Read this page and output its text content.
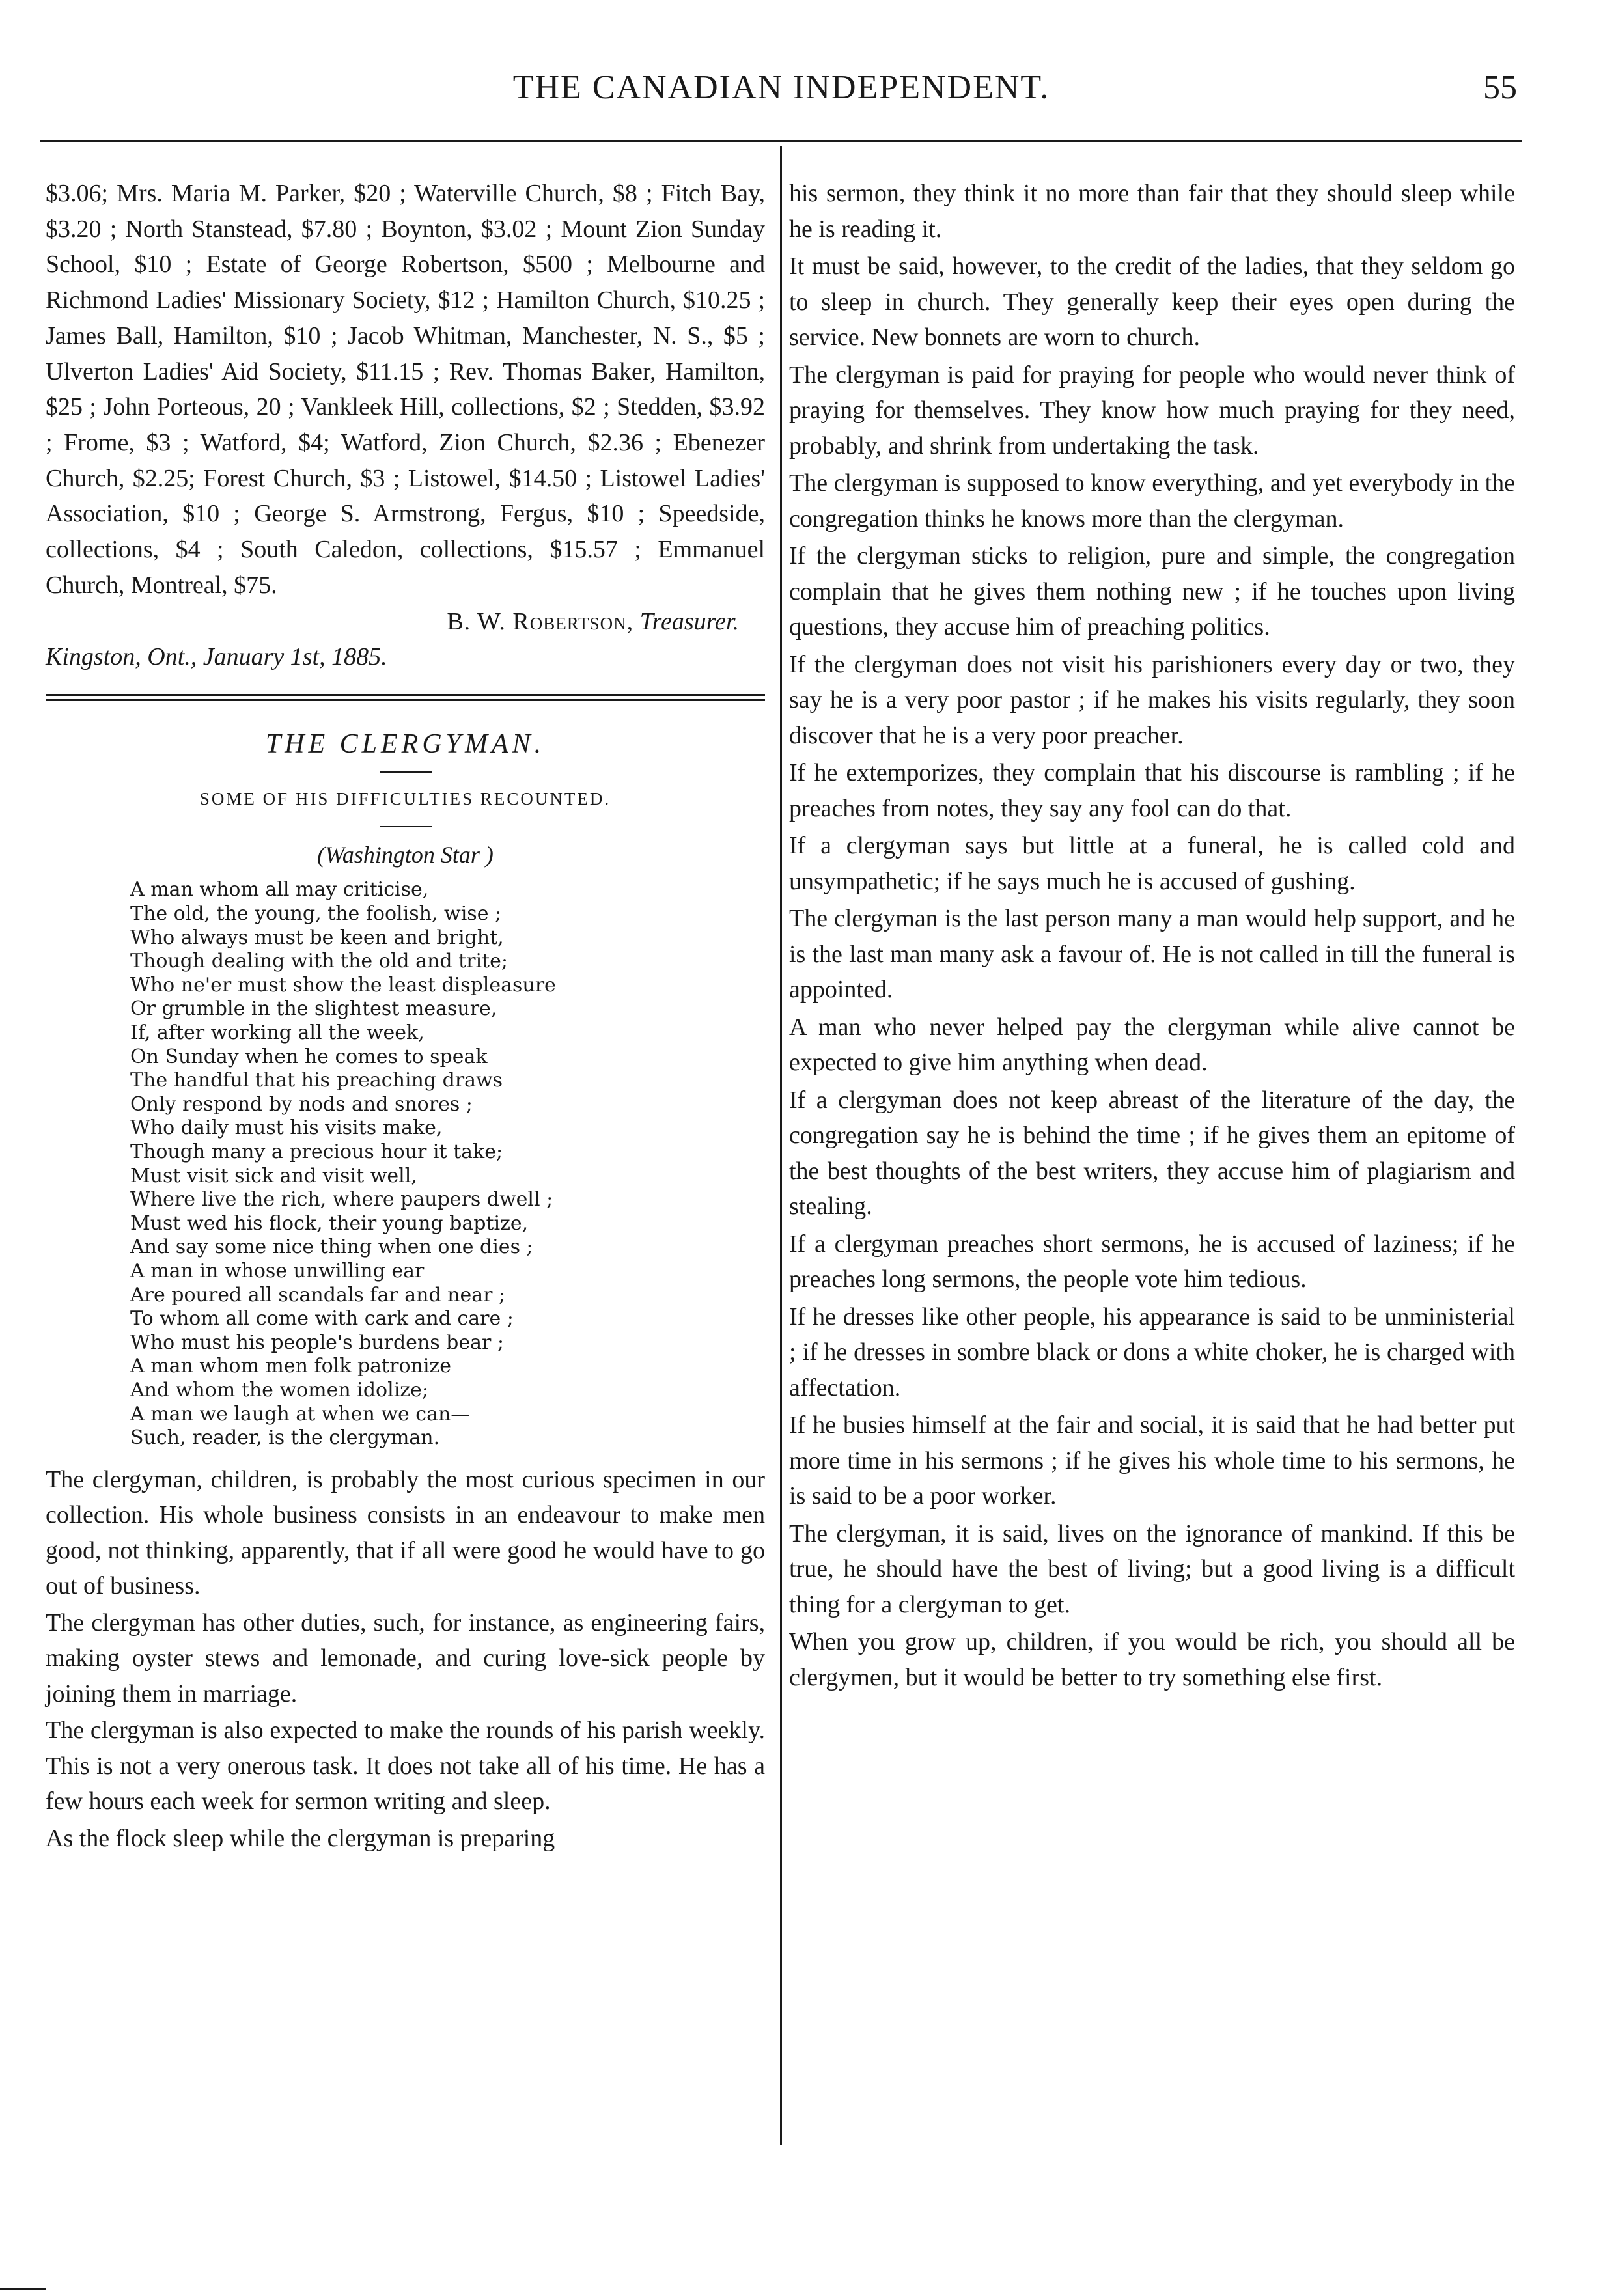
THE CANADIAN INDEPENDENT.	55
$3.06; Mrs. Maria M. Parker, $20 ; Waterville Church, $8 ; Fitch Bay, $3.20 ; North Stanstead, $7.80 ; Boynton, $3.02 ; Mount Zion Sunday School, $10 ; Estate of George Robertson, $500 ; Melbourne and Richmond Ladies' Missionary Society, $12 ; Hamilton Church, $10.25 ; James Ball, Hamilton, $10 ; Jacob Whitman, Manchester, N. S., $5 ; Ulverton Ladies' Aid Society, $11.15 ; Rev. Thomas Baker, Hamilton, $25 ; John Porteous, 20 ; Vankleek Hill, collections, $2 ; Stedden, $3.92 ; Frome, $3 ; Watford, $4; Watford, Zion Church, $2.36 ; Ebenezer Church, $2.25; Forest Church, $3 ; Listowel, $14.50 ; Listowel Ladies' Association, $10 ; George S. Armstrong, Fergus, $10 ; Speedside, collections, $4 ; South Caledon, collections, $15.57 ; Emmanuel Church, Montreal, $75.
B. W. Robertson, Treasurer.
Kingston, Ont., January 1st, 1885.
THE CLERGYMAN.
SOME OF HIS DIFFICULTIES RECOUNTED.
(Washington Star )
A man whom all may criticise,
The old, the young, the foolish, wise ;
Who always must be keen and bright,
Though dealing with the old and trite;
Who ne'er must show the least displeasure
Or grumble in the slightest measure,
If, after working all the week,
On Sunday when he comes to speak
The handful that his preaching draws
Only respond by nods and snores ;
Who daily must his visits make,
Though many a precious hour it take;
Must visit sick and visit well,
Where live the rich, where paupers dwell ;
Must wed his flock, their young baptize,
And say some nice thing when one dies ;
A man in whose unwilling ear
Are poured all scandals far and near ;
To whom all come with cark and care ;
Who must his people's burdens bear ;
A man whom men folk patronize
And whom the women idolize;
A man we laugh at when we can—
Such, reader, is the clergyman.

The clergyman, children, is probably the most curious specimen in our collection. His whole business consists in an endeavour to make men good, not thinking, apparently, that if all were good he would have to go out of business.

The clergyman has other duties, such, for instance, as engineering fairs, making oyster stews and lemonade, and curing love-sick people by joining them in marriage.

The clergyman is also expected to make the rounds of his parish weekly. This is not a very onerous task. It does not take all of his time. He has a few hours each week for sermon writing and sleep.

As the flock sleep while the clergyman is preparing

his sermon, they think it no more than fair that they should sleep while he is reading it.

It must be said, however, to the credit of the ladies, that they seldom go to sleep in church. They generally keep their eyes open during the service. New bonnets are worn to church.

The clergyman is paid for praying for people who would never think of praying for themselves. They know how much praying for they need, probably, and shrink from undertaking the task.

The clergyman is supposed to know everything, and yet everybody in the congregation thinks he knows more than the clergyman.

If the clergyman sticks to religion, pure and simple, the congregation complain that he gives them nothing new ; if he touches upon living questions, they accuse him of preaching politics.

If the clergyman does not visit his parishioners every day or two, they say he is a very poor pastor ; if he makes his visits regularly, they soon discover that he is a very poor preacher.

If he extemporizes, they complain that his discourse is rambling ; if he preaches from notes, they say any fool can do that.

If a clergyman says but little at a funeral, he is called cold and unsympathetic; if he says much he is accused of gushing.

The clergyman is the last person many a man would help support, and he is the last man many ask a favour of. He is not called in till the funeral is appointed.

A man who never helped pay the clergyman while alive cannot be expected to give him anything when dead.

If a clergyman does not keep abreast of the literature of the day, the congregation say he is behind the time ; if he gives them an epitome of the best thoughts of the best writers, they accuse him of plagiarism and stealing.

If a clergyman preaches short sermons, he is accused of laziness; if he preaches long sermons, the people vote him tedious.

If he dresses like other people, his appearance is said to be unministerial ; if he dresses in sombre black or dons a white choker, he is charged with affectation.

If he busies himself at the fair and social, it is said that he had better put more time in his sermons ; if he gives his whole time to his sermons, he is said to be a poor worker.

The clergyman, it is said, lives on the ignorance of mankind. If this be true, he should have the best of living; but a good living is a difficult thing for a clergyman to get.

When you grow up, children, if you would be rich, you should all be clergymen, but it would be better to try something else first.
